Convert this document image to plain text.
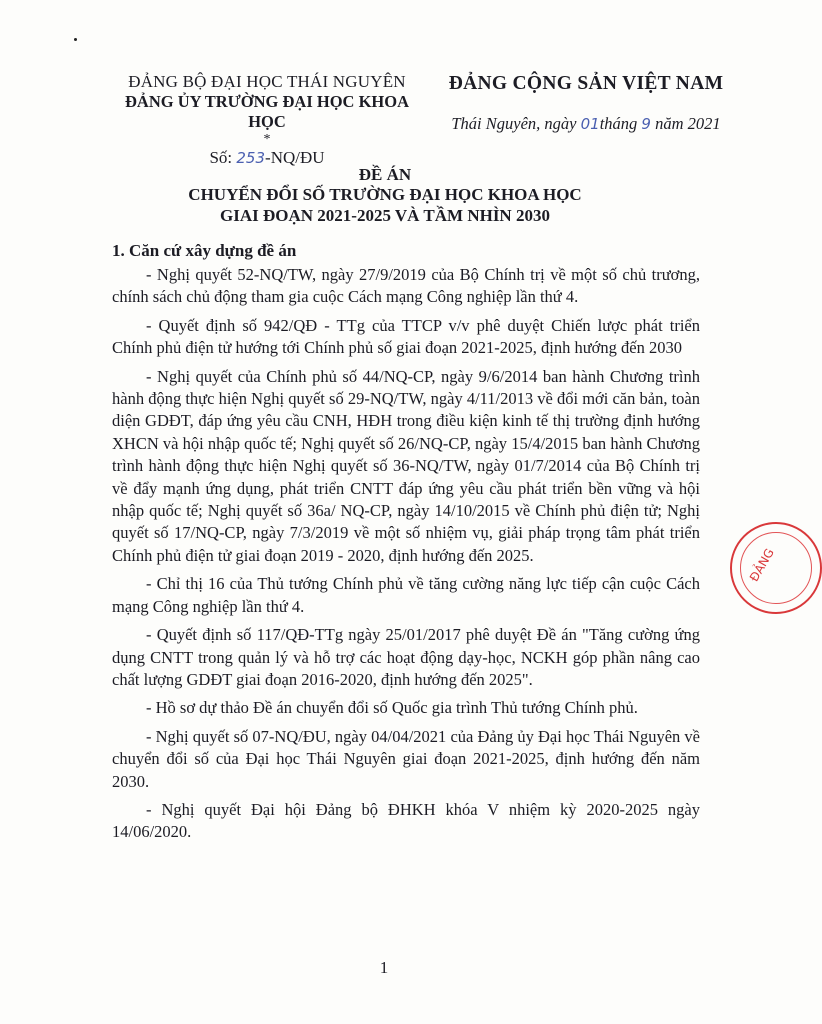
ĐẢNG BỘ ĐẠI HỌC THÁI NGUYÊN
ĐẢNG ỦY TRƯỜNG ĐẠI HỌC KHOA HỌC
*
Số: 253-NQ/ĐU
ĐẢNG CỘNG SẢN VIỆT NAM
Thái Nguyên, ngày 01tháng 9 năm 2021
ĐỀ ÁN
CHUYỂN ĐỔI SỐ TRƯỜNG ĐẠI HỌC KHOA HỌC
GIAI ĐOẠN 2021-2025 VÀ TẦM NHÌN 2030
1. Căn cứ xây dựng đề án

- Nghị quyết 52-NQ/TW, ngày 27/9/2019 của Bộ Chính trị về một số chủ trương, chính sách chủ động tham gia cuộc Cách mạng Công nghiệp lần thứ 4.

- Quyết định số 942/QĐ - TTg của TTCP v/v phê duyệt Chiến lược phát triển Chính phủ điện tử hướng tới Chính phủ số giai đoạn 2021-2025, định hướng đến 2030

- Nghị quyết của Chính phủ số 44/NQ-CP, ngày 9/6/2014 ban hành Chương trình hành động thực hiện Nghị quyết số 29-NQ/TW, ngày 4/11/2013 về đổi mới căn bản, toàn diện GDĐT, đáp ứng yêu cầu CNH, HĐH trong điều kiện kinh tế thị trường định hướng XHCN và hội nhập quốc tế; Nghị quyết số 26/NQ-CP, ngày 15/4/2015 ban hành Chương trình hành động thực hiện Nghị quyết số 36-NQ/TW, ngày 01/7/2014 của Bộ Chính trị về đẩy mạnh ứng dụng, phát triển CNTT đáp ứng yêu cầu phát triển bền vững và hội nhập quốc tế; Nghị quyết số 36a/ NQ-CP, ngày 14/10/2015 về Chính phủ điện tử; Nghị quyết số 17/NQ-CP, ngày 7/3/2019 về một số nhiệm vụ, giải pháp trọng tâm phát triển Chính phủ điện tử giai đoạn 2019 - 2020, định hướng đến 2025.

- Chỉ thị 16 của Thủ tướng Chính phủ về tăng cường năng lực tiếp cận cuộc Cách mạng Công nghiệp lần thứ 4.

- Quyết định số 117/QĐ-TTg ngày 25/01/2017 phê duyệt Đề án "Tăng cường ứng dụng CNTT trong quản lý và hỗ trợ các hoạt động dạy-học, NCKH góp phần nâng cao chất lượng GDĐT giai đoạn 2016-2020, định hướng đến 2025".

- Hồ sơ dự thảo Đề án chuyển đổi số Quốc gia trình Thủ tướng Chính phủ.

- Nghị quyết số 07-NQ/ĐU, ngày 04/04/2021 của Đảng ủy Đại học Thái Nguyên về chuyển đổi số của Đại học Thái Nguyên giai đoạn 2021-2025, định hướng đến năm 2030.

- Nghị quyết Đại hội Đảng bộ ĐHKH khóa V nhiệm kỳ 2020-2025 ngày 14/06/2020.

1
ĐẢNG
